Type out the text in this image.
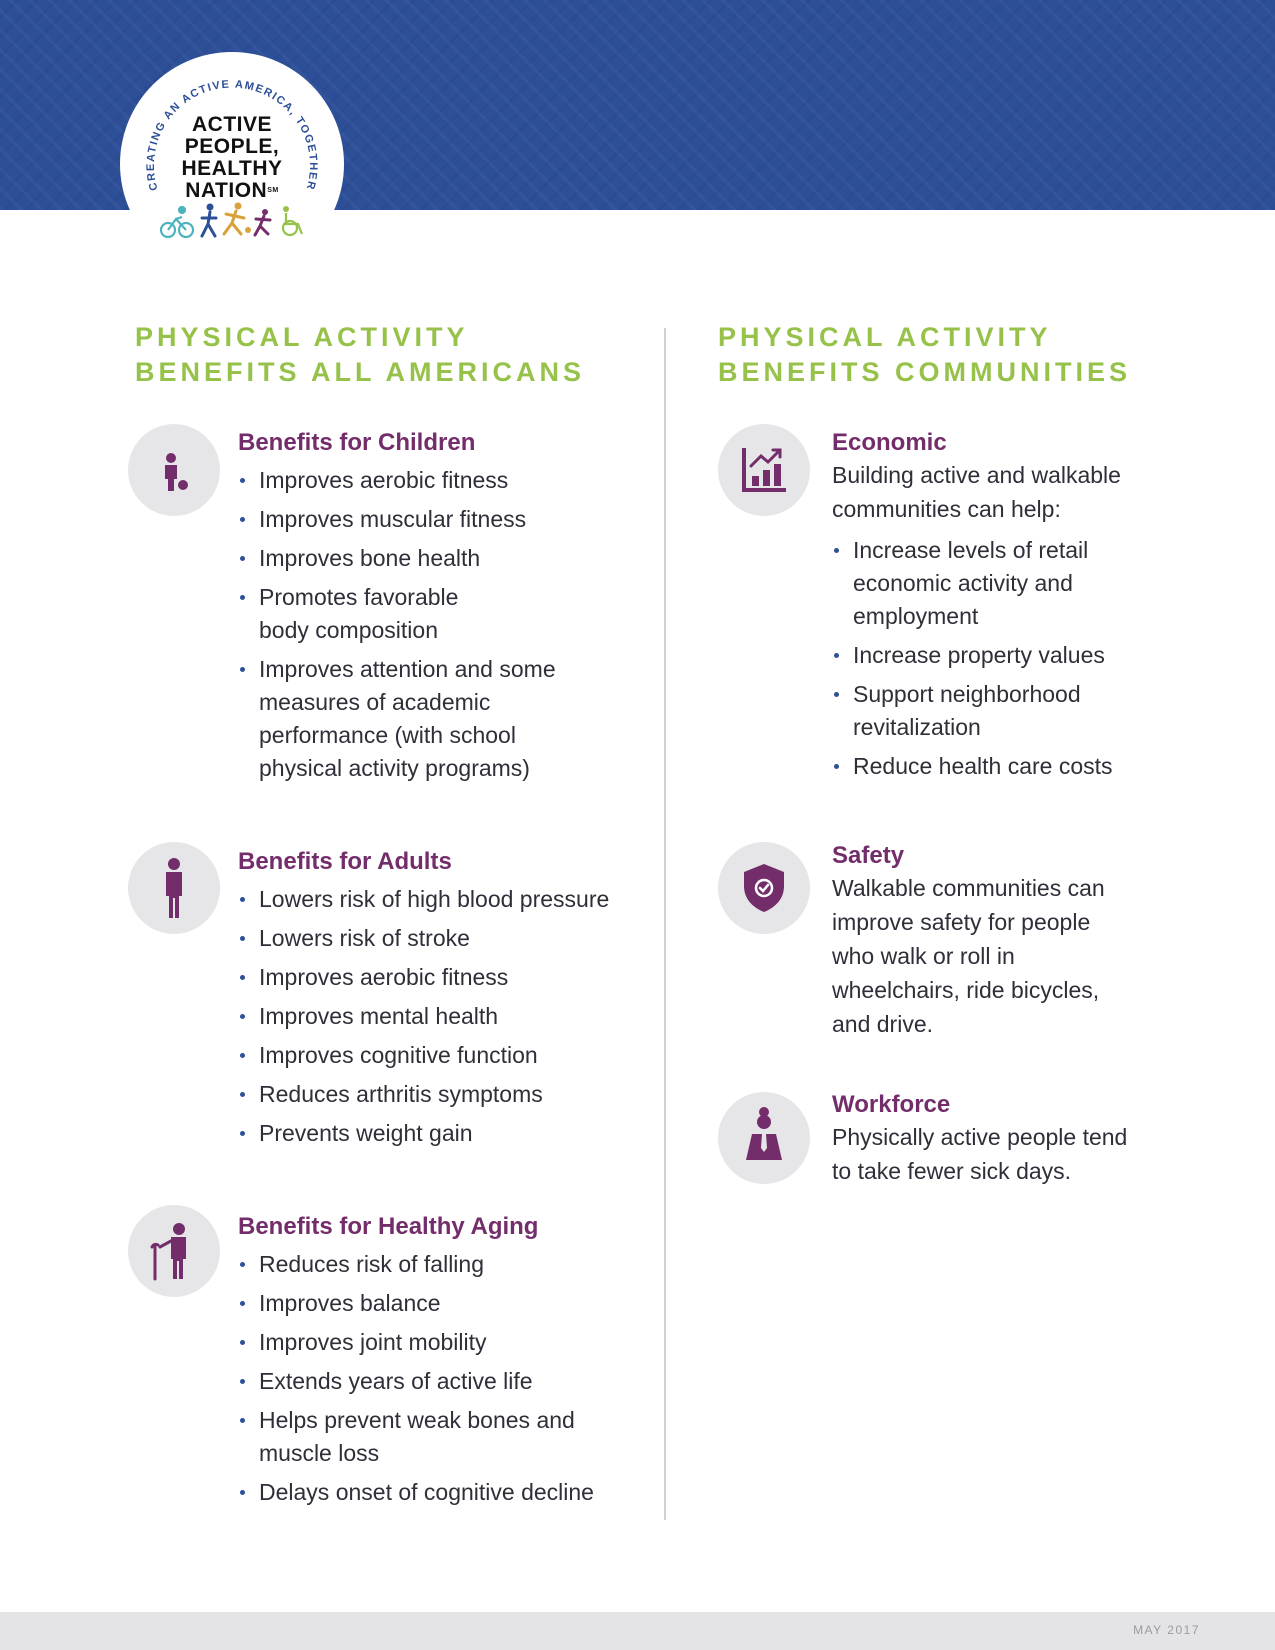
CREATING AN ACTIVE AMERICA, TOGETHER
ACTIVE
PEOPLE,
HEALTHY
NATION℠
PHYSICAL ACTIVITY
BENEFITS ALL AMERICANS
PHYSICAL ACTIVITY
BENEFITS COMMUNITIES
Benefits for Children
Improves aerobic fitness
Improves muscular fitness
Improves bone health
Promotes favorable body composition
Improves attention and some measures of academic performance (with school physical activity programs)
Benefits for Adults
Lowers risk of high blood pressure
Lowers risk of stroke
Improves aerobic fitness
Improves mental health
Improves cognitive function
Reduces arthritis symptoms
Prevents weight gain
Benefits for Healthy Aging
Reduces risk of falling
Improves balance
Improves joint mobility
Extends years of active life
Helps prevent weak bones and muscle loss
Delays onset of cognitive decline
Economic
Building active and walkable communities can help:
Increase levels of retail economic activity and employment
Increase property values
Support neighborhood revitalization
Reduce health care costs
Safety
Walkable communities can improve safety for people who walk or roll in wheelchairs, ride bicycles, and drive.
Workforce
Physically active people tend to take fewer sick days.
MAY 2017
